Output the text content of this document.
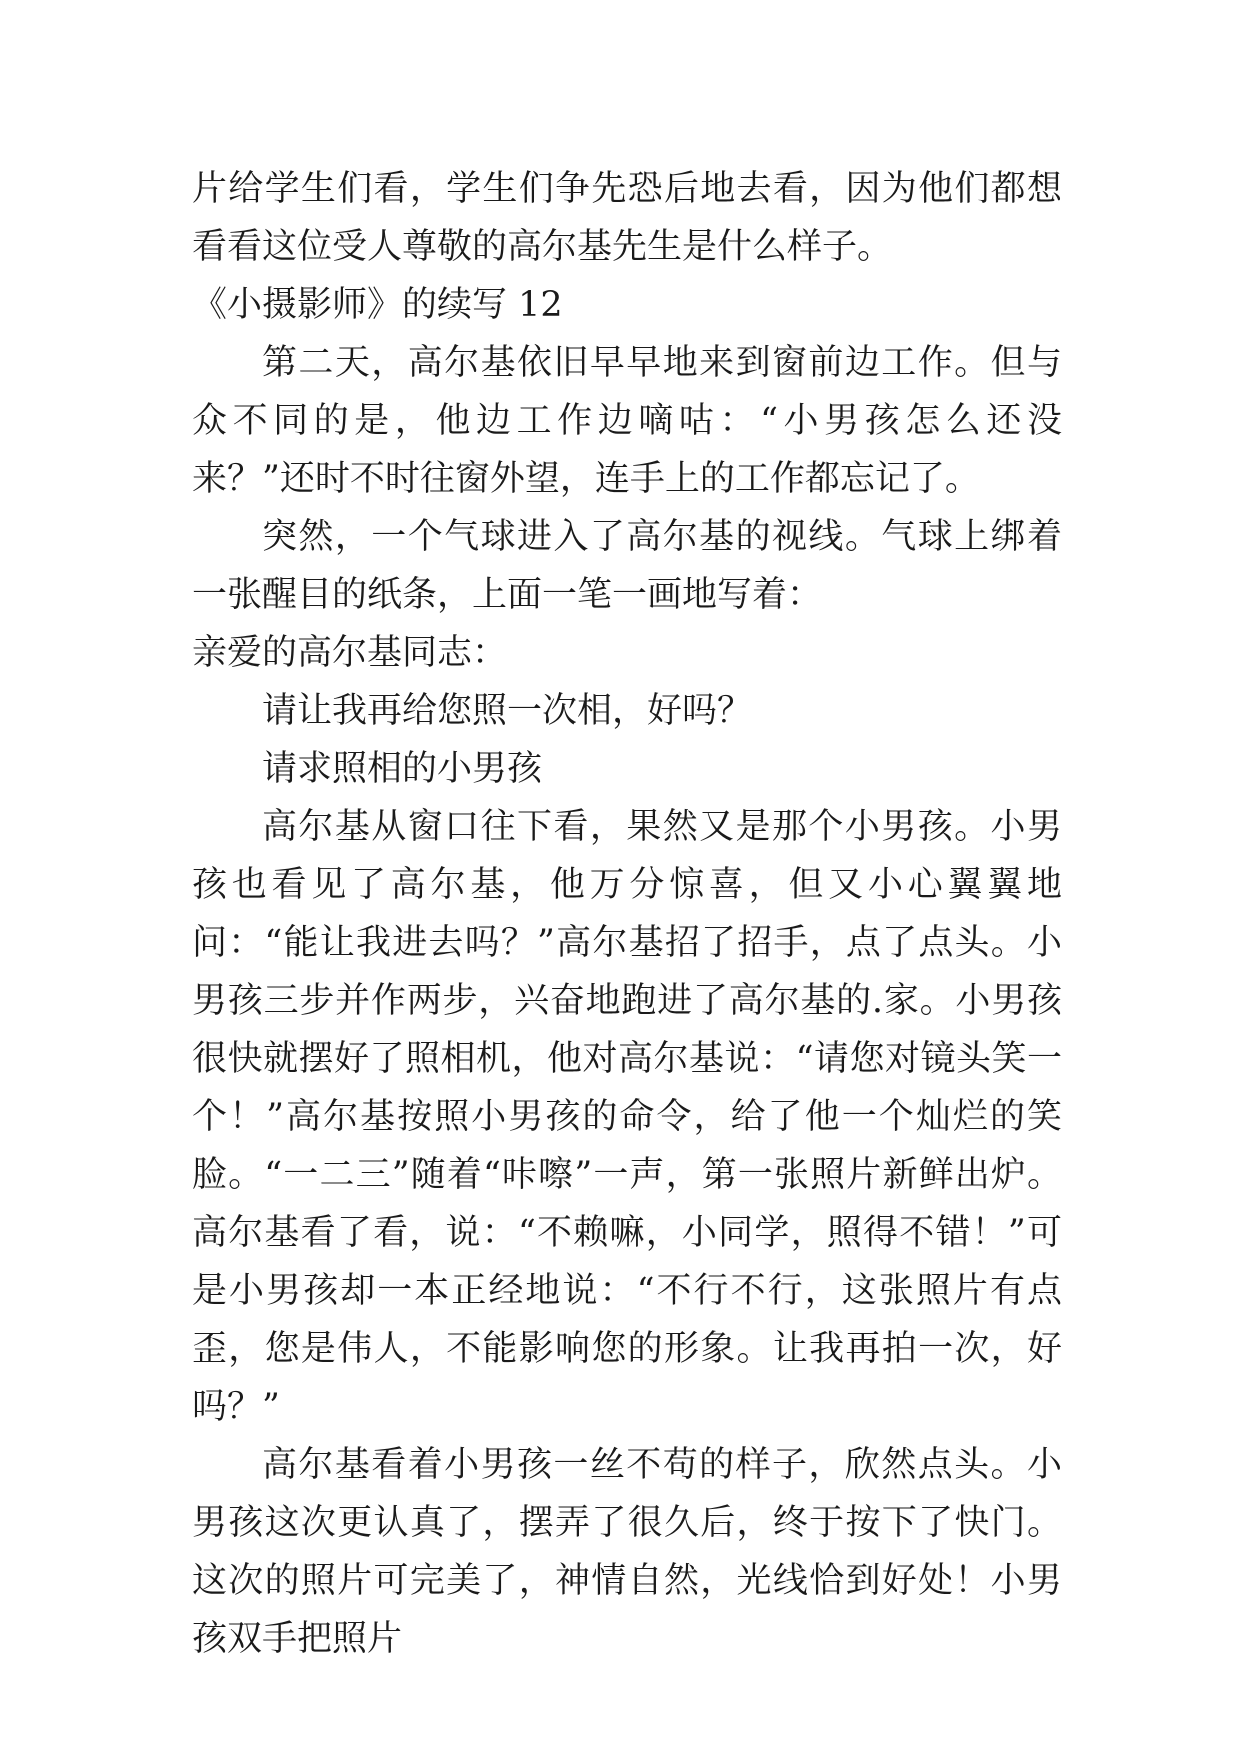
片给学生们看，学生们争先恐后地去看，因为他们都想看看这位受人尊敬的高尔基先生是什么样子。

《小摄影师》的续写 12

第二天，高尔基依旧早早地来到窗前边工作。但与众不同的是，他边工作边嘀咕：“小男孩怎么还没来？”还时不时往窗外望，连手上的工作都忘记了。

突然，一个气球进入了高尔基的视线。气球上绑着一张醒目的纸条，上面一笔一画地写着：

亲爱的高尔基同志：

请让我再给您照一次相，好吗？

请求照相的小男孩

高尔基从窗口往下看，果然又是那个小男孩。小男孩也看见了高尔基，他万分惊喜，但又小心翼翼地问：“能让我进去吗？”高尔基招了招手，点了点头。小男孩三步并作两步，兴奋地跑进了高尔基的.家。小男孩很快就摆好了照相机，他对高尔基说：“请您对镜头笑一个！”高尔基按照小男孩的命令，给了他一个灿烂的笑脸。“一二三”随着“咔嚓”一声，第一张照片新鲜出炉。高尔基看了看，说：“不赖嘛，小同学，照得不错！”可是小男孩却一本正经地说：“不行不行，这张照片有点歪，您是伟人，不能影响您的形象。让我再拍一次，好吗？”

高尔基看着小男孩一丝不苟的样子，欣然点头。小男孩这次更认真了，摆弄了很久后，终于按下了快门。这次的照片可完美了，神情自然，光线恰到好处！小男孩双手把照片
